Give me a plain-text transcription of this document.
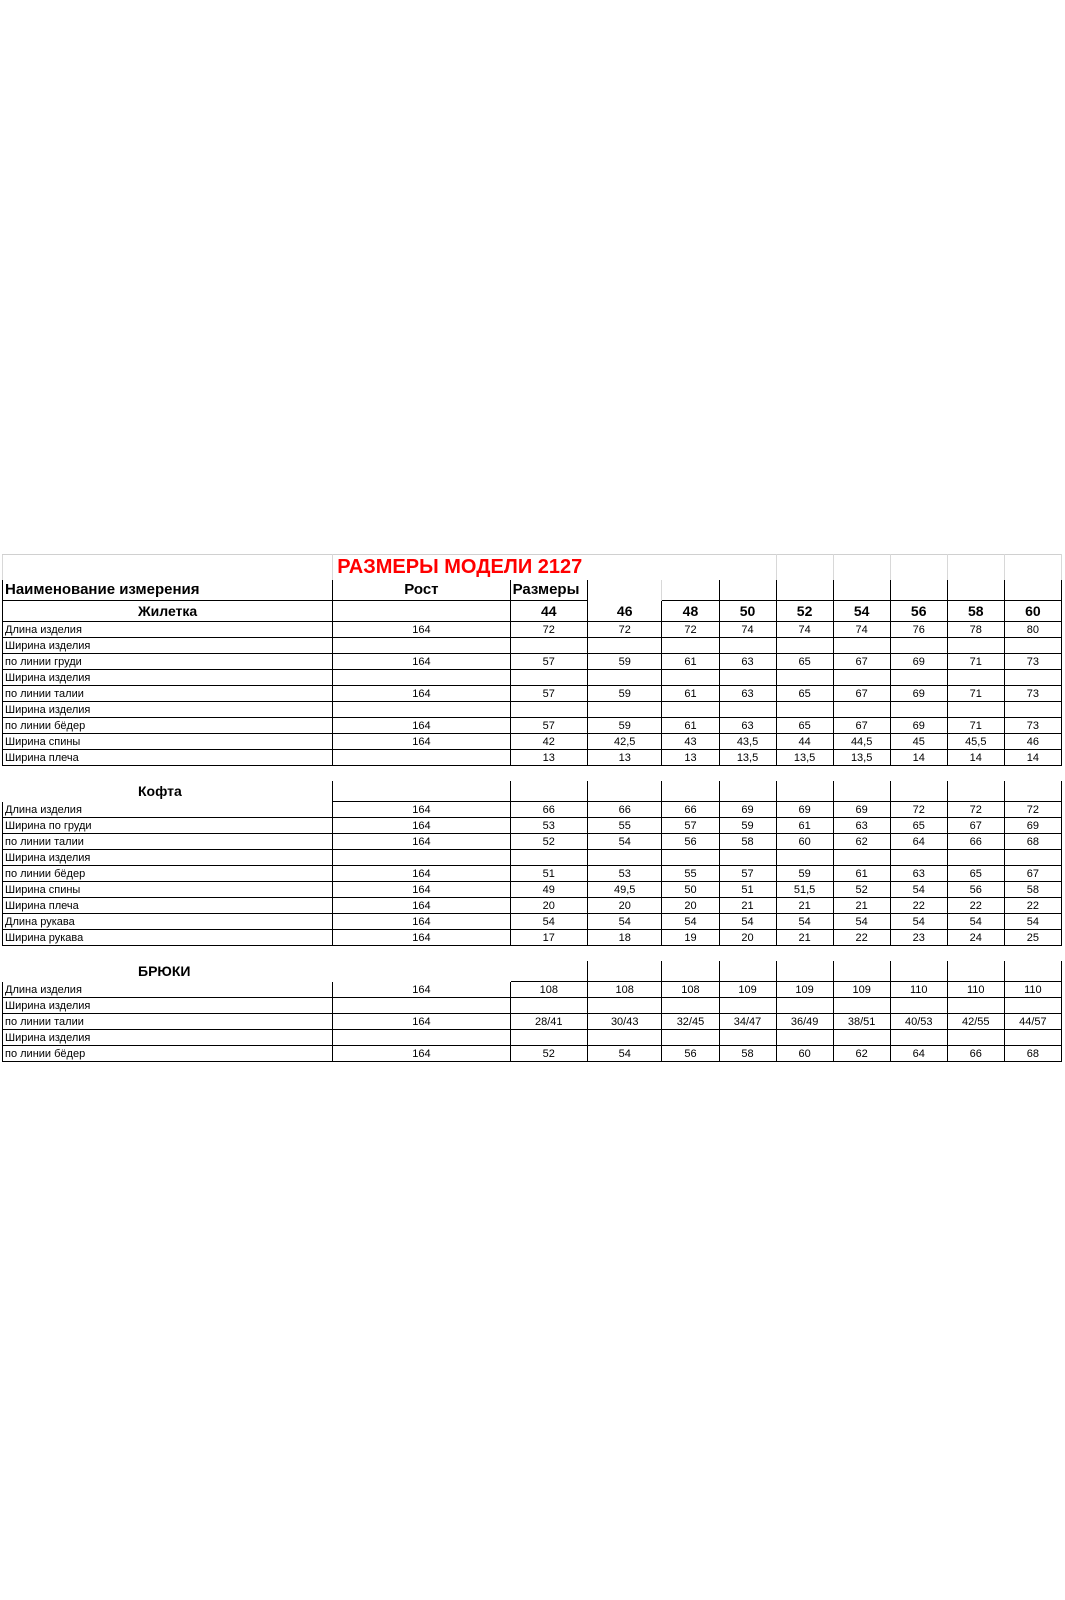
	РАЗМЕРЫ МОДЕЛИ 2127									
Наименование измерения	Рост	Размеры								
Жилетка		44	46	48	50	52	54	56	58	60
Длина изделия	164	72	72	72	74	74	74	76	78	80
Ширина изделия										
по линии груди	164	57	59	61	63	65	67	69	71	73
Ширина изделия										
по линии талии	164	57	59	61	63	65	67	69	71	73
Ширина изделия										
по линии бёдер	164	57	59	61	63	65	67	69	71	73
Ширина спины	164	42	42,5	43	43,5	44	44,5	45	45,5	46
Ширина плеча		13	13	13	13,5	13,5	13,5	14	14	14

Кофта										
Длина изделия	164	66	66	66	69	69	69	72	72	72
Ширина по груди	164	53	55	57	59	61	63	65	67	69
по линии талии	164	52	54	56	58	60	62	64	66	68
Ширина изделия										
по линии бёдер	164	51	53	55	57	59	61	63	65	67
Ширина спины	164	49	49,5	50	51	51,5	52	54	56	58
Ширина плеча	164	20	20	20	21	21	21	22	22	22
Длина рукава	164	54	54	54	54	54	54	54	54	54
Ширина рукава	164	17	18	19	20	21	22	23	24	25

БРЮКИ										
Длина изделия	164	108	108	108	109	109	109	110	110	110
Ширина изделия										
по линии талии	164	28/41	30/43	32/45	34/47	36/49	38/51	40/53	42/55	44/57
Ширина изделия										
по линии бёдер	164	52	54	56	58	60	62	64	66	68
